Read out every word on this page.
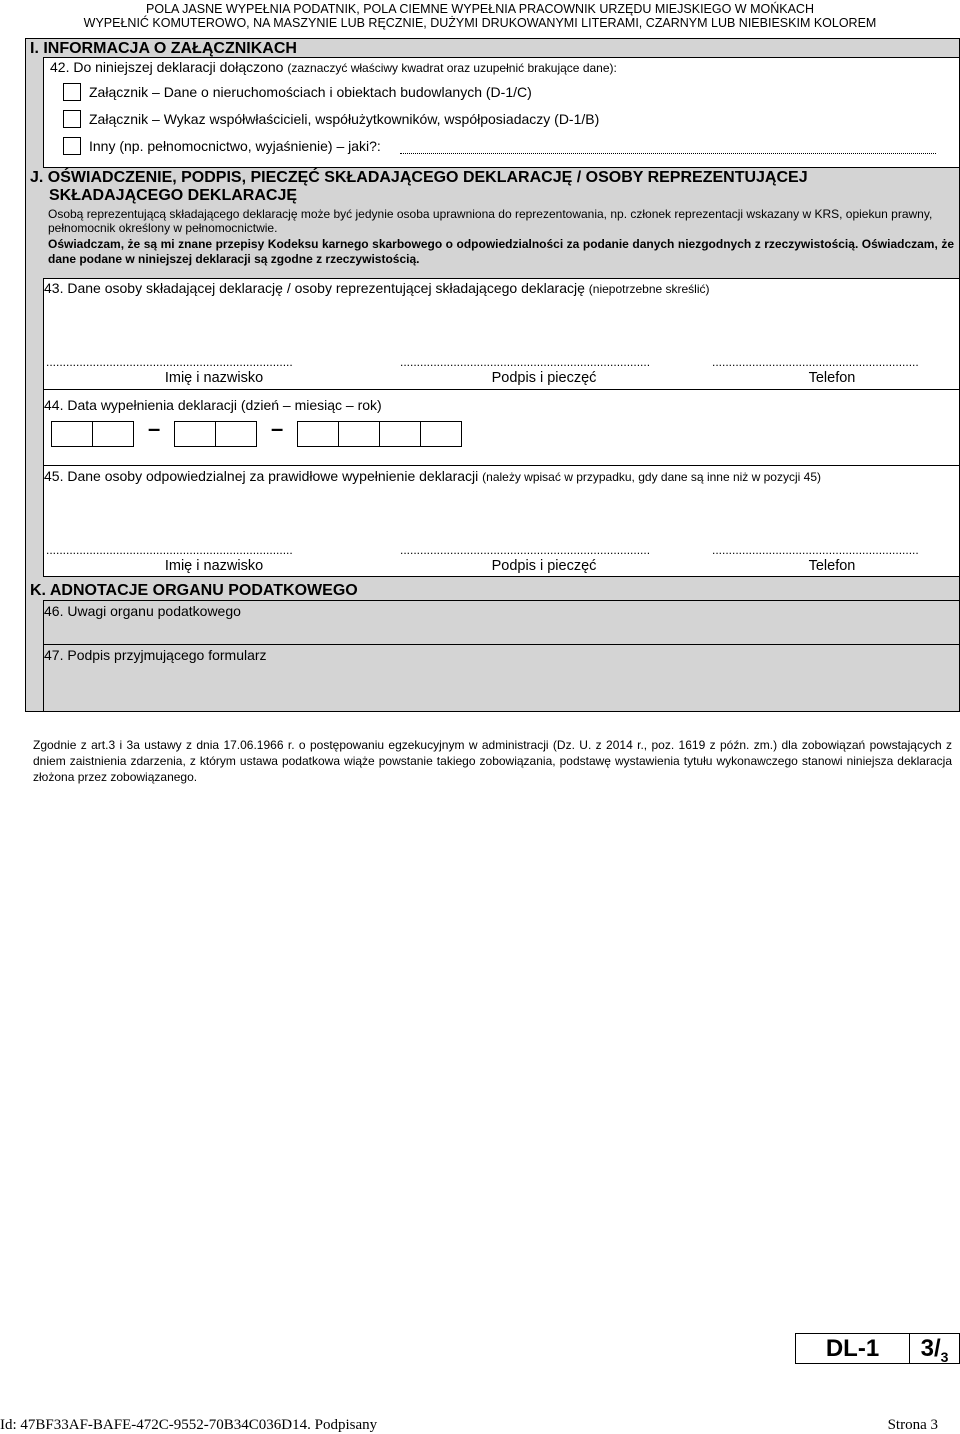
POLA JASNE WYPEŁNIA PODATNIK, POLA CIEMNE WYPEŁNIA PRACOWNIK URZĘDU MIEJSKIEGO W MOŃKACH
WYPEŁNIĆ KOMUTEROWO, NA MASZYNIE LUB RĘCZNIE, DUŻYMI DRUKOWANYMI LITERAMI, CZARNYM LUB NIEBIESKIM KOLOREM
I. INFORMACJA O ZAŁĄCZNIKACH
42. Do niniejszej deklaracji dołączono (zaznaczyć właściwy kwadrat oraz uzupełnić brakujące dane):
Załącznik – Dane o nieruchomościach i obiektach budowlanych (D-1/C)
Załącznik – Wykaz współwłaścicieli, współużytkowników, współposiadaczy (D-1/B)
Inny (np. pełnomocnictwo, wyjaśnienie) – jaki?:
J. OŚWIADCZENIE, PODPIS, PIECZĘĆ SKŁADAJĄCEGO DEKLARACJĘ / OSOBY REPREZENTUJĄCEJ
SKŁADAJĄCEGO DEKLARACJĘ
Osobą reprezentującą składającego deklarację może być jedynie osoba uprawniona do reprezentowania, np. członek reprezentacji wskazany w KRS, opiekun prawny, pełnomocnik określony w pełnomocnictwie.
Oświadczam, że są mi znane przepisy Kodeksu karnego skarbowego o odpowiedzialności za podanie danych niezgodnych z rzeczywistością. Oświadczam, że dane podane w niniejszej deklaracji są zgodne z rzeczywistością.
43. Dane osoby składającej deklarację / osoby reprezentującej składającego deklarację (niepotrzebne skreślić)
..........................................................................	...........................................................................	..............................................................
Imię i nazwisko	Podpis i pieczęć	Telefon
44. Data wypełnienia deklaracji (dzień – miesiąc – rok)
–	–
45. Dane osoby odpowiedzialnej za prawidłowe wypełnienie deklaracji (należy wpisać w przypadku, gdy dane są inne niż w pozycji 45)
..........................................................................	...........................................................................	..............................................................
Imię i nazwisko	Podpis i pieczęć	Telefon
K. ADNOTACJE ORGANU PODATKOWEGO
46. Uwagi organu podatkowego
47. Podpis przyjmującego formularz
Zgodnie z art.3 i 3a ustawy z dnia 17.06.1966 r. o postępowaniu egzekucyjnym w administracji (Dz. U. z 2014 r., poz. 1619 z późn. zm.) dla zobowiązań powstających z dniem zaistnienia zdarzenia, z którym ustawa podatkowa wiąże powstanie takiego zobowiązania, podstawę wystawienia tytułu wykonawczego stanowi niniejsza deklaracja złożona przez zobowiązanego.
DL-1	$3/_3$
Id: 47BF33AF-BAFE-472C-9552-70B34C036D14. Podpisany	Strona 3
